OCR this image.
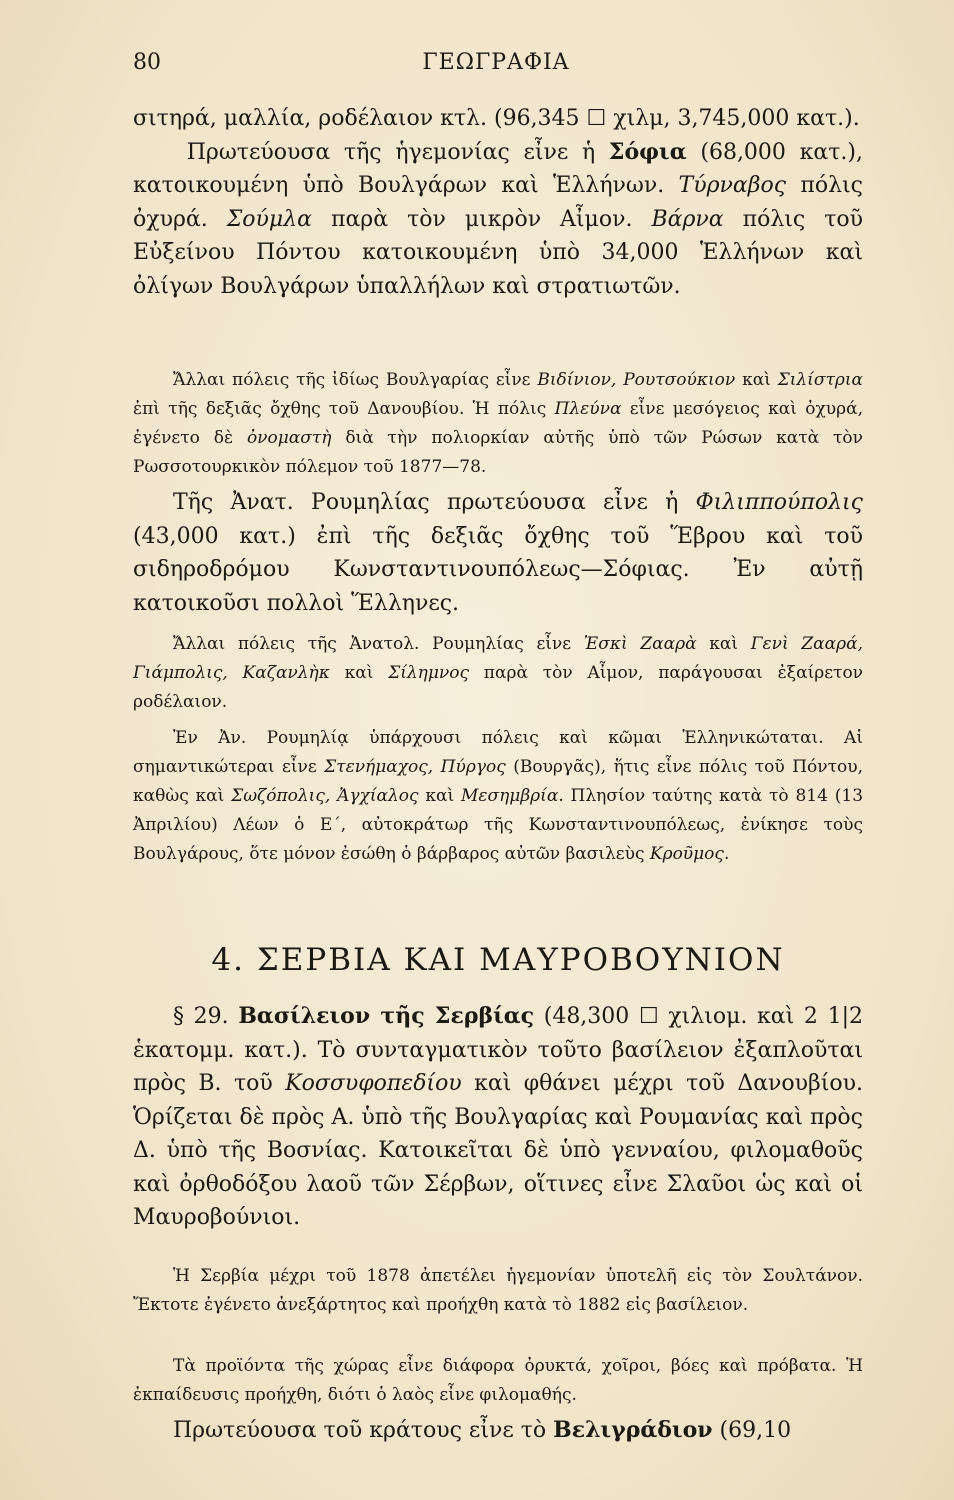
80	ΓΕΩΓΡΑΦΙΑ
σιτηρά, μαλλία, ροδέλαιον κτλ. (96,345 ☐ χιλμ, 3,745,000 κατ.).
Πρωτεύουσα τῆς ἡγεμονίας εἶνε ἡ Σόφια (68,000 κατ.), κατοικουμένη ὑπὸ Βουλγάρων καὶ Ἑλλήνων. Τύρναβος πόλις ὀχυρά. Σούμλα παρὰ τὸν μικρὸν Αἶμον. Βάρνα πόλις τοῦ Εὐξείνου Πόντου κατοικουμένη ὑπὸ 34,000 Ἑλλήνων καὶ ὀλίγων Βουλγάρων ὑπαλλήλων καὶ στρατιωτῶν.
Ἄλλαι πόλεις τῆς ἰδίως Βουλγαρίας εἶνε Βιδίνιον, Ρουτσούκιον καὶ Σιλίστρια ἐπὶ τῆς δεξιᾶς ὄχθης τοῦ Δανουβίου. Ἡ πόλις Πλεύνα εἶνε μεσόγειος καὶ ὀχυρά, ἐγένετο δὲ ὀνομαστὴ διὰ τὴν πολιορκίαν αὐτῆς ὑπὸ τῶν Ρώσων κατὰ τὸν Ρωσσοτουρκικὸν πόλεμον τοῦ 1877—78.
Τῆς Ἀνατ. Ρουμηλίας πρωτεύουσα εἶνε ἡ Φιλιππούπολις (43,000 κατ.) ἐπὶ τῆς δεξιᾶς ὄχθης τοῦ Ἕβρου καὶ τοῦ σιδηροδρόμου Κωνσταντινουπόλεως—Σόφιας. Ἐν αὐτῇ κατοικοῦσι πολλοὶ Ἕλληνες.
Ἄλλαι πόλεις τῆς Ἀνατολ. Ρουμηλίας εἶνε Ἐσκὶ Ζααρὰ καὶ Γενὶ Ζααρά, Γιάμπολις, Καζανλὴκ καὶ Σίλημνος παρὰ τὸν Αἶμον, παράγουσαι ἐξαίρετον ροδέλαιον.
Ἐν Ἀν. Ρουμηλίᾳ ὑπάρχουσι πόλεις καὶ κῶμαι Ἑλληνικώταται. Αἱ σημαντικώτεραι εἶνε Στενήμαχος, Πύργος (Βουργᾶς), ἥτις εἶνε πόλις τοῦ Πόντου, καθὼς καὶ Σωζόπολις, Ἀγχίαλος καὶ Μεσημβρία. Πλησίον ταύτης κατὰ τὸ 814 (13 Ἀπριλίου) Λέων ὁ Ε΄, αὐτοκράτωρ τῆς Κωνσταντινουπόλεως, ἐνίκησε τοὺς Βουλγάρους, ὅτε μόνον ἐσώθη ὁ βάρβαρος αὐτῶν βασιλεὺς Κροῦμος.
4. ΣΕΡΒΙΑ ΚΑΙ ΜΑΥΡΟΒΟΥΝΙΟΝ
§ 29. Βασίλειον τῆς Σερβίας (48,300 ☐ χιλιομ. καὶ 2 1|2 ἑκατομμ. κατ.). Τὸ συνταγματικὸν τοῦτο βασίλειον ἐξαπλοῦται πρὸς Β. τοῦ Κοσσυφοπεδίου καὶ φθάνει μέχρι τοῦ Δανουβίου. Ὁρίζεται δὲ πρὸς Α. ὑπὸ τῆς Βουλγαρίας καὶ Ρουμανίας καὶ πρὸς Δ. ὑπὸ τῆς Βοσνίας. Κατοικεῖται δὲ ὑπὸ γενναίου, φιλομαθοῦς καὶ ὀρθοδόξου λαοῦ τῶν Σέρβων, οἵτινες εἶνε Σλαῦοι ὡς καὶ οἱ Μαυροβούνιοι.
Ἡ Σερβία μέχρι τοῦ 1878 ἀπετέλει ἡγεμονίαν ὑποτελῆ εἰς τὸν Σουλτάνον. Ἔκτοτε ἐγένετο ἀνεξάρτητος καὶ προήχθη κατὰ τὸ 1882 εἰς βασίλειον.
Τὰ προϊόντα τῆς χώρας εἶνε διάφορα ὀρυκτά, χοῖροι, βόες καὶ πρόβατα. Ἡ ἐκπαίδευσις προήχθη, διότι ὁ λαὸς εἶνε φιλομαθής.
Πρωτεύουσα τοῦ κράτους εἶνε τὸ Βελιγράδιον (69,10
